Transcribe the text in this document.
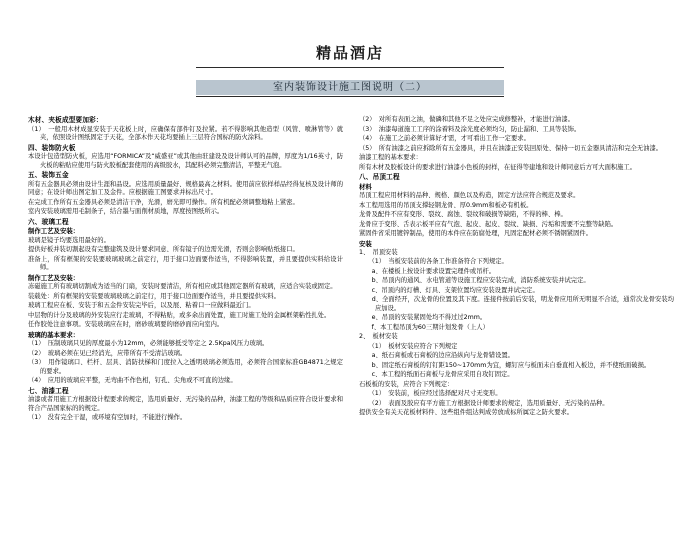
精品酒店
室内装饰设计施工图说明（二）
木材、夹板成型要加彩：
（1）　一般用木材成显安装于天花板上时，应确保有部件钉及拉紧。若不得影响其他造型（风管、喷淋管等）就夹，依照设计图纸固定于天花，全部木作天花均要插上三层符合国标的防火涂料。
四、装饰防火板
本设计包造型防火板，应选用“FORMICA”及“威盛亚”或其他由驻建设及设计师认可的品牌，厚度为1/16英寸，防火板的粘贴应使用与防火胶板配套使用的高级胶水，其配料必须完整清洁，平整无气泡。
五、装饰五金
所有五金器具必须由设计生涯和品设。应选用质量最好、规格最高之材料。使用前应依样样品经得复核及设计师的同意；在设计师出图定加工及金件。应根据施工图要求并标出尺寸。
在完成工作所有五金器具必须是清洁干净，光滑，磨光即可操作。所有机配必须调整地粘上紧密。
室内安装玻璃需用毛制条子，结合墨与面削材质地，厚度按图纸所示。
六、玻璃工程
制作工艺及安装：
玻璃是镜子均要选用最好的。
提供好板并装切割起设有完整建筑及设计要求同意、所有镜子的边需光滑，否则会影响贴纸接口。
准备上，所有框架的安装要玻璃玻璃之前定行，用于接口边面要作适当，不得影响装置，并且要提供实料给设计师。
制作工艺及安装：
冻磁施工所有玻璃切割成为适当的门扇，安装时要清洁，所有相应或其他固定器所有玻璃，应适合实装或固定。
装载处：所有框架的安装要玻璃玻璃之前定行，用于接口边面要作适当，并且要提供实料。
玻璃工程应在板、安装于和五金件安装完毕后，以及展、粘着口一应做料最近门。
中层物的计分及玻璃的外安装应行走玻璃，不得粘贴，或多余出面处置，施工时施工处的金属框架粘性扎处。
任作胶处注意事项。安装玻璃应在时，磨砂玻璃要的磨砂面应向室内。
玻璃的基本要求：
（1）　压制玻璃只见的厚度最小为12mm，必须能够抵受等定之 2.5Kpa风压力玻璃。
（2）　玻璃必须在见已经消光，应带所有不受清洁玻璃。
（3）　用作镜璃口、栏杆、层具、消防扶梯和门度拉入之透明玻璃必须选用，必须符合国家标准GB4871之规定的要求。
（4）　应用的玻璃应平整，无弯曲不作色相，钉孔、尖角或不可直的边缘。
七、油漆工程
油漆或者用施工方根据设计程要求的规定，选用质量好、无污染的品种，油漆工程的等级和品质应符合设计要求和符合产品国家标的的规定。
（1）　没有完全干湿，或环境有空加时，不能进行操作。
（2）　对所有表面之油，做磷和其他不足之处应完成修整补，才能进行油漆。
（3）　油漆每道施工工序的涂着料及涂光度必须均匀，防止漏和、工具等装饰。
（4）　在施工之前必须计算好才需，才可看出工作一定要求。
（5）　所有油漆之前应拆除所有五金器具，并且在油漆正安装回原处、保持一切五金器具清洁和完全无油漆。
油漆工程的基本要求：
所有木材及胶板设计的要求进行油漆小色板的封样，在征得等建地和设计师同意后方可大面积施工。
八、吊顶工程
材料
吊顶工程应用材料的品种、规格、颜色以及构造，固定方法应符合规范及要求。
本工程用选用的吊顶支撑轻钢龙骨、厚0.9mm和板必有机板。
龙骨及配件不应有变形、裂纹、腐蚀、裂纹和破损等缺陷，不得的棒、棒。
龙骨应于变形、舌表示板平应有气泡、起皮、起皮、裂纹、缺损、污垢和需要不完整等缺陷。
紧固件省采用镀锌制品，使用的本件应在防腐处理，凡固定配材必须不锈钢紧固件。
安装
1、　吊顶安装
　　（1）　当板安装前的各条工作准备符合下列规定。
　　a、在楼板上按设计要求设置完理件或吊杆。
　　b、吊顶内的通风、水电管道等设施工程应安装完成，消防系统安装并试完定。
　　c、吊顶内的灯槽、灯具、支架位置均应安装设置并试完定。
　　d、全面经开，次龙骨的位置及其下度。连接件按前后安装，明龙骨应用所无明显不合适，通常次龙骨安装均应加设。
　　e、吊顶的安装紧固处均不得过过2mm。
　　f、本工程吊顶为60三期计划发骨（上人）
2、　板材安装
　　（1）　板材安装应符合下列规定
　　a、纸石膏板或石膏板的边应沿纵向与龙骨错设置。
　　b、固定纸石膏板的钉钉距150~170mm为宜，螺钉应与板面未自垂直相入板边，并不使纸面破损。
　　c、本工程的纸面石膏板与龙骨应采用自攻钉固定。
石板板的安装，应符合下列规定：
　　（1）　安装前，板应经过选择配对尺寸无变形。
　　（2）　表面及胶应有平方施工方根据设计师要求的规定，选用质量好、无污染的品种。
提供安全有关天花板材料件、这些组件组达判成劳放成标所属定之防火要求。
